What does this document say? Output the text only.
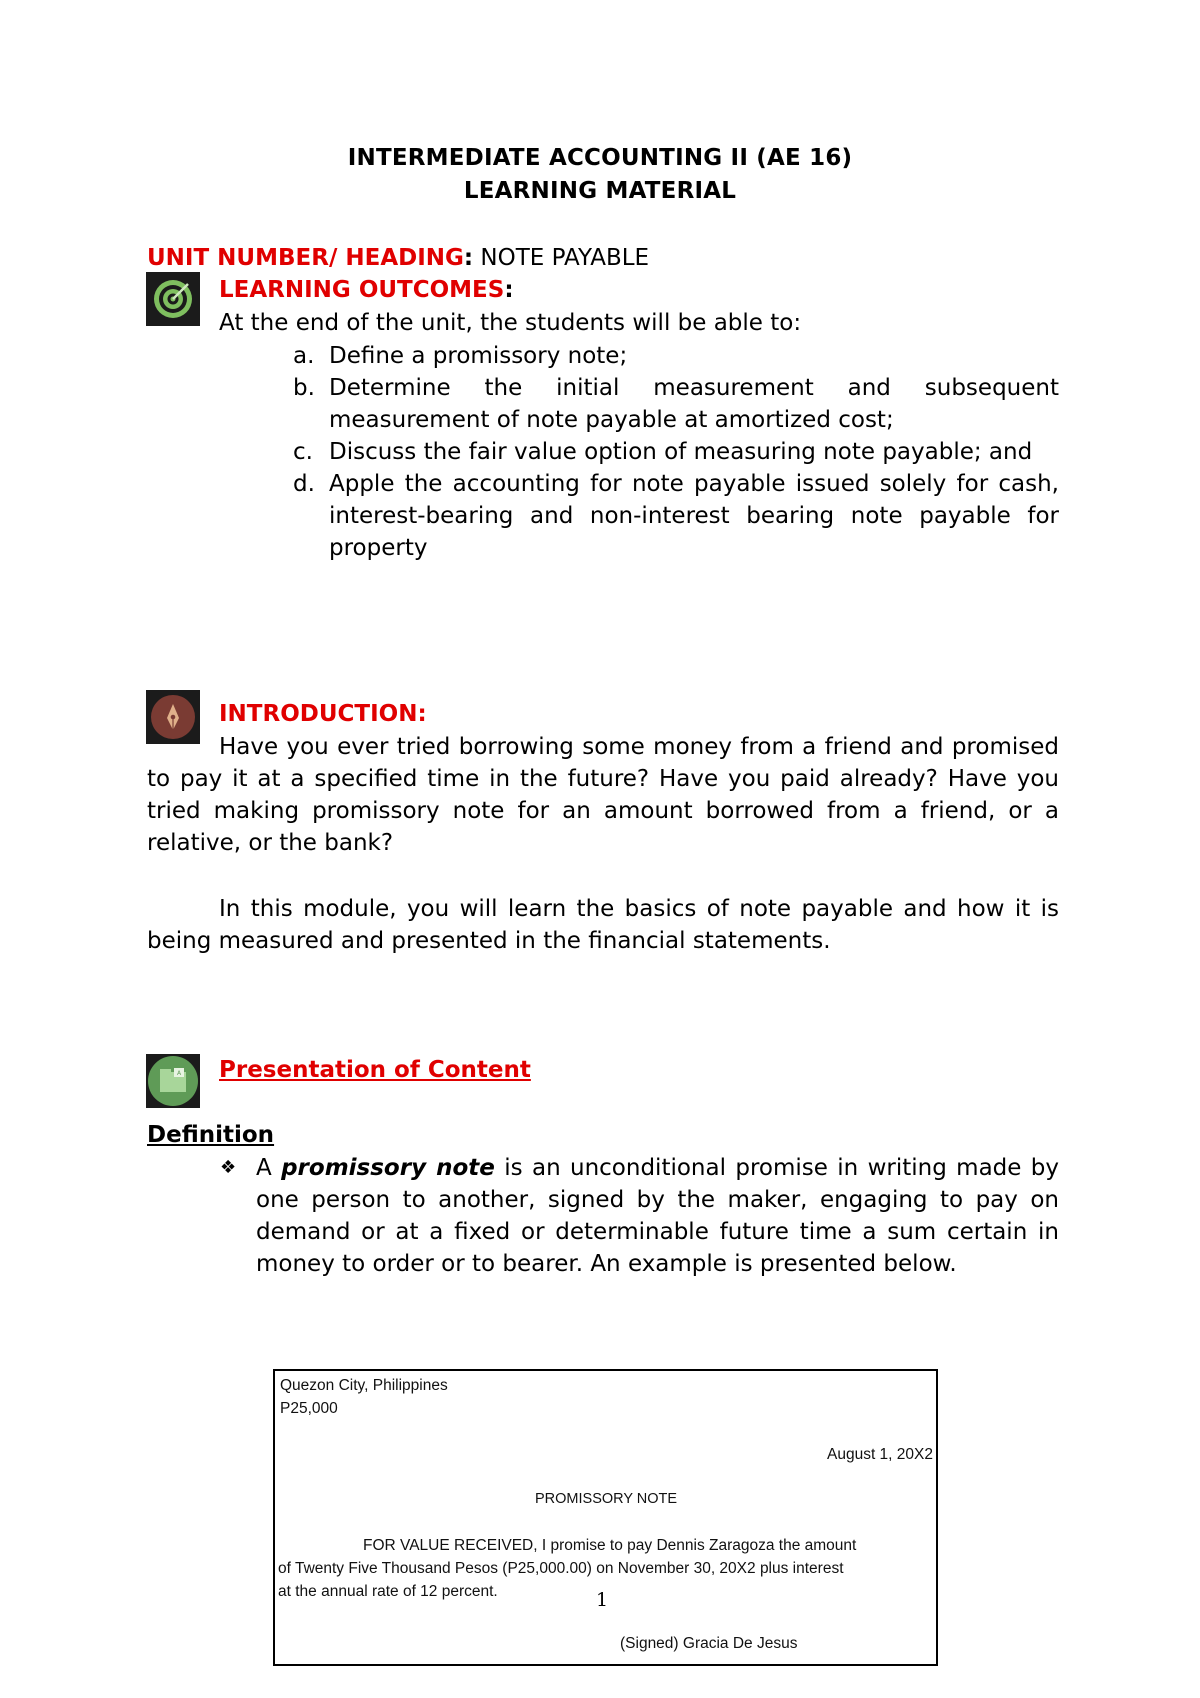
INTERMEDIATE ACCOUNTING II (AE 16)
LEARNING MATERIAL
UNIT NUMBER/ HEADING: NOTE PAYABLE
LEARNING OUTCOMES:
At the end of the unit, the students will be able to:
a. Define a promissory note;
b. Determine the initial measurement and subsequent measurement of note payable at amortized cost;
c. Discuss the fair value option of measuring note payable; and
d. Apple the accounting for note payable issued solely for cash, interest-bearing and non-interest bearing note payable for property
INTRODUCTION:
Have you ever tried borrowing some money from a friend and promised to pay it at a specified time in the future? Have you paid already? Have you tried making promissory note for an amount borrowed from a friend, or a relative, or the bank?
In this module, you will learn the basics of note payable and how it is being measured and presented in the financial statements.
A Presentation of Content
Definition
❖ A promissory note is an unconditional promise in writing made by one person to another, signed by the maker, engaging to pay on demand or at a fixed or determinable future time a sum certain in money to order or to bearer. An example is presented below.
Quezon City, Philippines
P25,000
August 1, 20X2
PROMISSORY NOTE
FOR VALUE RECEIVED, I promise to pay Dennis Zaragoza the amount
of Twenty Five Thousand Pesos (P25,000.00) on November 30, 20X2 plus interest
at the annual rate of 12 percent.
(Signed) Gracia De Jesus
1
